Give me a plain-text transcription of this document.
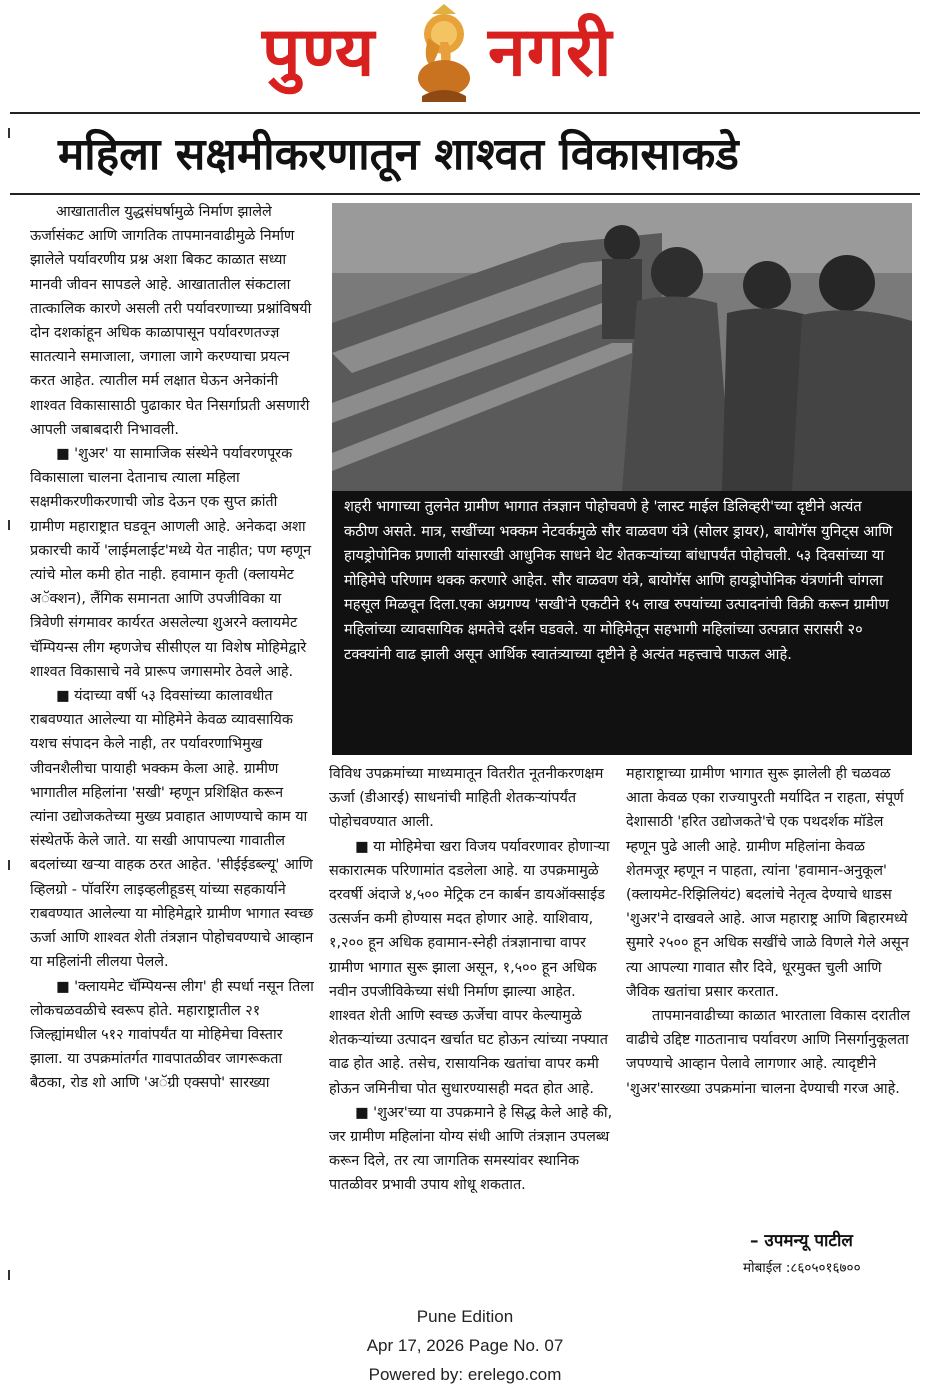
पुण्य नगरी
महिला सक्षमीकरणातून शाश्वत विकासाकडे

आखातातील युद्धसंघर्षामुळे निर्माण झालेले ऊर्जासंकट आणि जागतिक तापमानवाढीमुळे निर्माण झालेले पर्यावरणीय प्रश्न अशा बिकट काळात सध्या मानवी जीवन सापडले आहे. आखातातील संकटाला तात्कालिक कारणे असली तरी पर्यावरणाच्या प्रश्नांविषयी दोन दशकांहून अधिक काळापासून पर्यावरणतज्ज्ञ सातत्याने समाजाला, जगाला जागे करण्याचा प्रयत्न करत आहेत. त्यातील मर्म लक्षात घेऊन अनेकांनी शाश्वत विकासासाठी पुढाकार घेत निसर्गाप्रती असणारी आपली जबाबदारी निभावली.

■ 'शुअर' या सामाजिक संस्थेने पर्यावरणपूरक विकासाला चालना देतानाच त्याला महिला सक्षमीकरणीकरणाची जोड देऊन एक सुप्त क्रांती ग्रामीण महाराष्ट्रात घडवून आणली आहे. अनेकदा अशा प्रकारची कार्ये 'लाईमलाईट'मध्ये येत नाहीत; पण म्हणून त्यांचे मोल कमी होत नाही. हवामान कृती (क्लायमेट अॅक्शन), लैंगिक समानता आणि उपजीविका या त्रिवेणी संगमावर कार्यरत असलेल्या शुअरने क्लायमेट चॅम्पियन्स लीग म्हणजेच सीसीएल या विशेष मोहिमेद्वारे शाश्वत विकासाचे नवे प्रारूप जगासमोर ठेवले आहे.

■ यंदाच्या वर्षी ५३ दिवसांच्या कालावधीत राबवण्यात आलेल्या या मोहिमेने केवळ व्यावसायिक यशच संपादन केले नाही, तर पर्यावरणाभिमुख जीवनशैलीचा पायाही भक्कम केला आहे. ग्रामीण भागातील महिलांना 'सखी' म्हणून प्रशिक्षित करून त्यांना उद्योजकतेच्या मुख्य प्रवाहात आणण्याचे काम या संस्थेतर्फे केले जाते. या सखी आपापल्या गावातील बदलांच्या खऱ्या वाहक ठरत आहेत. 'सीईईडब्ल्यू' आणि व्हिलग्रो - पॉवरिंग लाइव्हलीहूडस् यांच्या सहकार्याने राबवण्यात आलेल्या या मोहिमेद्वारे ग्रामीण भागात स्वच्छ ऊर्जा आणि शाश्वत शेती तंत्रज्ञान पोहोचवण्याचे आव्हान या महिलांनी लीलया पेलले.

■ 'क्लायमेट चॅम्पियन्स लीग' ही स्पर्धा नसून तिला लोकचळवळीचे स्वरूप होते. महाराष्ट्रातील २१ जिल्ह्यांमधील ५१२ गावांपर्यंत या मोहिमेचा विस्तार झाला. या उपक्रमांतर्गत गावपातळीवर जागरूकता बैठका, रोड शो आणि 'अॅग्री एक्सपो' सारख्या

शहरी भागाच्या तुलनेत ग्रामीण भागात तंत्रज्ञान पोहोचवणे हे 'लास्ट माईल डिलिव्हरी'च्या दृष्टीने अत्यंत कठीण असते. मात्र, सखींच्या भक्कम नेटवर्कमुळे सौर वाळवण यंत्रे (सोलर ड्रायर), बायोगॅस युनिट्स आणि हायड्रोपोनिक प्रणाली यांसारखी आधुनिक साधने थेट शेतकऱ्यांच्या बांधापर्यंत पोहोचली. ५३ दिवसांच्या या मोहिमेचे परिणाम थक्क करणारे आहेत. सौर वाळवण यंत्रे, बायोगॅस आणि हायड्रोपोनिक यंत्रणांनी चांगला महसूल मिळवून दिला.एका अग्रगण्य 'सखी'ने एकटीने १५ लाख रुपयांच्या उत्पादनांची विक्री करून ग्रामीण महिलांच्या व्यावसायिक क्षमतेचे दर्शन घडवले. या मोहिमेतून सहभागी महिलांच्या उत्पन्नात सरासरी २० टक्क्यांनी वाढ झाली असून आर्थिक स्वातंत्र्याच्या दृष्टीने हे अत्यंत महत्त्वाचे पाऊल आहे.

विविध उपक्रमांच्या माध्यमातून वितरीत नूतनीकरणक्षम ऊर्जा (डीआरई) साधनांची माहिती शेतकऱ्यांपर्यंत पोहोचवण्यात आली.

■ या मोहिमेचा खरा विजय पर्यावरणावर होणाऱ्या सकारात्मक परिणामांत दडलेला आहे. या उपक्रमामुळे दरवर्षी अंदाजे ४,५०० मेट्रिक टन कार्बन डायऑक्साईड उत्सर्जन कमी होण्यास मदत होणार आहे. याशिवाय, १,२०० हून अधिक हवामान-स्नेही तंत्रज्ञानाचा वापर ग्रामीण भागात सुरू झाला असून, १,५०० हून अधिक नवीन उपजीविकेच्या संधी निर्माण झाल्या आहेत. शाश्वत शेती आणि स्वच्छ ऊर्जेचा वापर केल्यामुळे शेतकऱ्यांच्या उत्पादन खर्चात घट होऊन त्यांच्या नफ्यात वाढ होत आहे. तसेच, रासायनिक खतांचा वापर कमी होऊन जमिनीचा पोत सुधारण्यासही मदत होत आहे.

■ 'शुअर'च्या या उपक्रमाने हे सिद्ध केले आहे की, जर ग्रामीण महिलांना योग्य संधी आणि तंत्रज्ञान उपलब्ध करून दिले, तर त्या जागतिक समस्यांवर स्थानिक पातळीवर प्रभावी उपाय शोधू शकतात.

महाराष्ट्राच्या ग्रामीण भागात सुरू झालेली ही चळवळ आता केवळ एका राज्यापुरती मर्यादित न राहता, संपूर्ण देशासाठी 'हरित उद्योजकते'चे एक पथदर्शक मॉडेल म्हणून पुढे आली आहे. ग्रामीण महिलांना केवळ शेतमजूर म्हणून न पाहता, त्यांना 'हवामान-अनुकूल' (क्लायमेट-रिझिलियंट) बदलांचे नेतृत्व देण्याचे धाडस 'शुअर'ने दाखवले आहे. आज महाराष्ट्र आणि बिहारमध्ये सुमारे २५०० हून अधिक सखींचे जाळे विणले गेले असून त्या आपल्या गावात सौर दिवे, धूरमुक्त चुली आणि जैविक खतांचा प्रसार करतात.

तापमानवाढीच्या काळात भारताला विकास दरातील वाढीचे उद्दिष्ट गाठतानाच पर्यावरण आणि निसर्गानुकूलता जपण्याचे आव्हान पेलावे लागणार आहे. त्यादृष्टीने 'शुअर'सारख्या उपक्रमांना चालना देण्याची गरज आहे.

– उपमन्यू पाटील
मोबाईल :८६०५०१६७००
Pune Edition
Apr 17, 2026 Page No. 07
Powered by: erelego.com
